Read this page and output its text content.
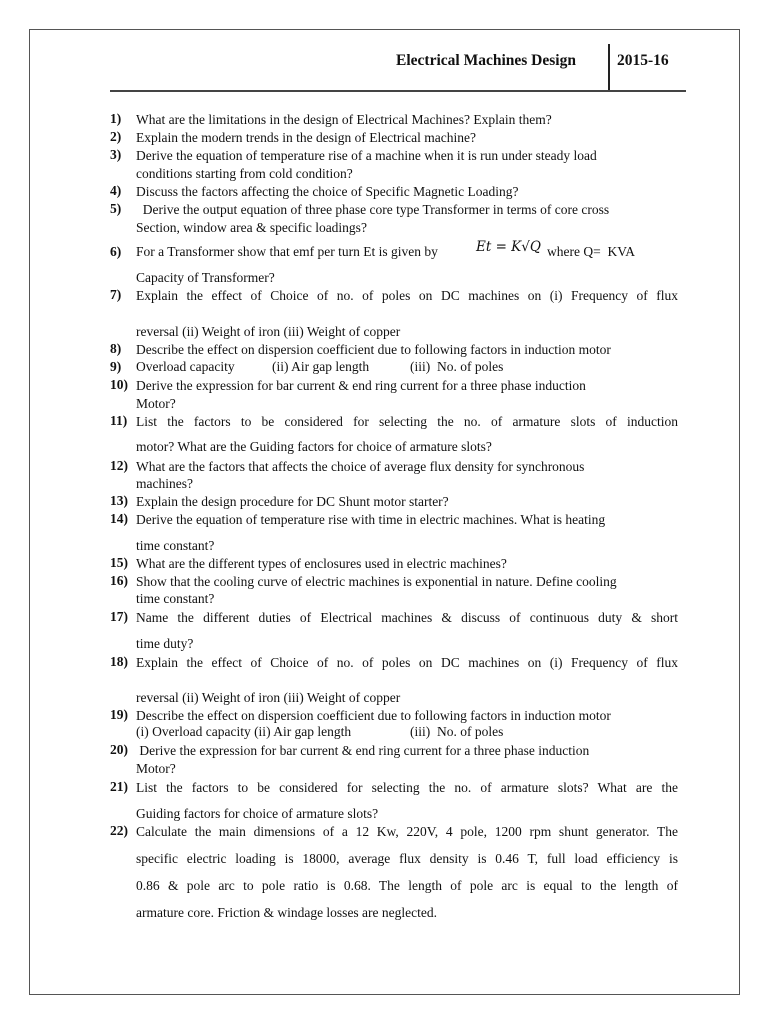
Electrical Machines Design	2015-16
1) What are the limitations in the design of Electrical Machines? Explain them?
2) Explain the modern trends in the design of Electrical machine?
3) Derive the equation of temperature rise of a machine when it is run under steady load
conditions starting from cold condition?
4) Discuss the factors affecting the choice of Specific Magnetic Loading?
5) Derive the output equation of three phase core type Transformer in terms of core cross
Section, window area & specific loadings?
6) For a Transformer show that emf per turn Et is given by	Et = K√Q where Q=  KVA
Capacity of Transformer?
7) Explain the effect of Choice of no. of poles on DC machines on (i) Frequency of flux
reversal (ii) Weight of iron (iii) Weight of copper
8) Describe the effect on dispersion coefficient due to following factors in induction motor
9) Overload capacity	(ii) Air gap length	(iii)  No. of poles
10) Derive the expression for bar current & end ring current for a three phase induction
Motor?
11) List the factors to be considered for selecting the no. of armature slots of induction
motor? What are the Guiding factors for choice of armature slots?
12) What are the factors that affects the choice of average flux density for synchronous
machines?
13) Explain the design procedure for DC Shunt motor starter?
14) Derive the equation of temperature rise with time in electric machines. What is heating
time constant?
15) What are the different types of enclosures used in electric machines?
16) Show that the cooling curve of electric machines is exponential in nature. Define cooling
time constant?
17) Name the different duties of Electrical machines & discuss of continuous duty & short
time duty?
18) Explain the effect of Choice of no. of poles on DC machines on (i) Frequency of flux
reversal (ii) Weight of iron (iii) Weight of copper
19) Describe the effect on dispersion coefficient due to following factors in induction motor
(i) Overload capacity (ii) Air gap length	(iii)  No. of poles
20) Derive the expression for bar current & end ring current for a three phase induction
Motor?
21) List the factors to be considered for selecting the no. of armature slots? What are the
Guiding factors for choice of armature slots?
22) Calculate the main dimensions of a 12 Kw, 220V, 4 pole, 1200 rpm shunt generator. The
specific electric loading is 18000, average flux density is 0.46 T, full load efficiency is
0.86 & pole arc to pole ratio is 0.68. The length of pole arc is equal to the length of
armature core. Friction & windage losses are neglected.
